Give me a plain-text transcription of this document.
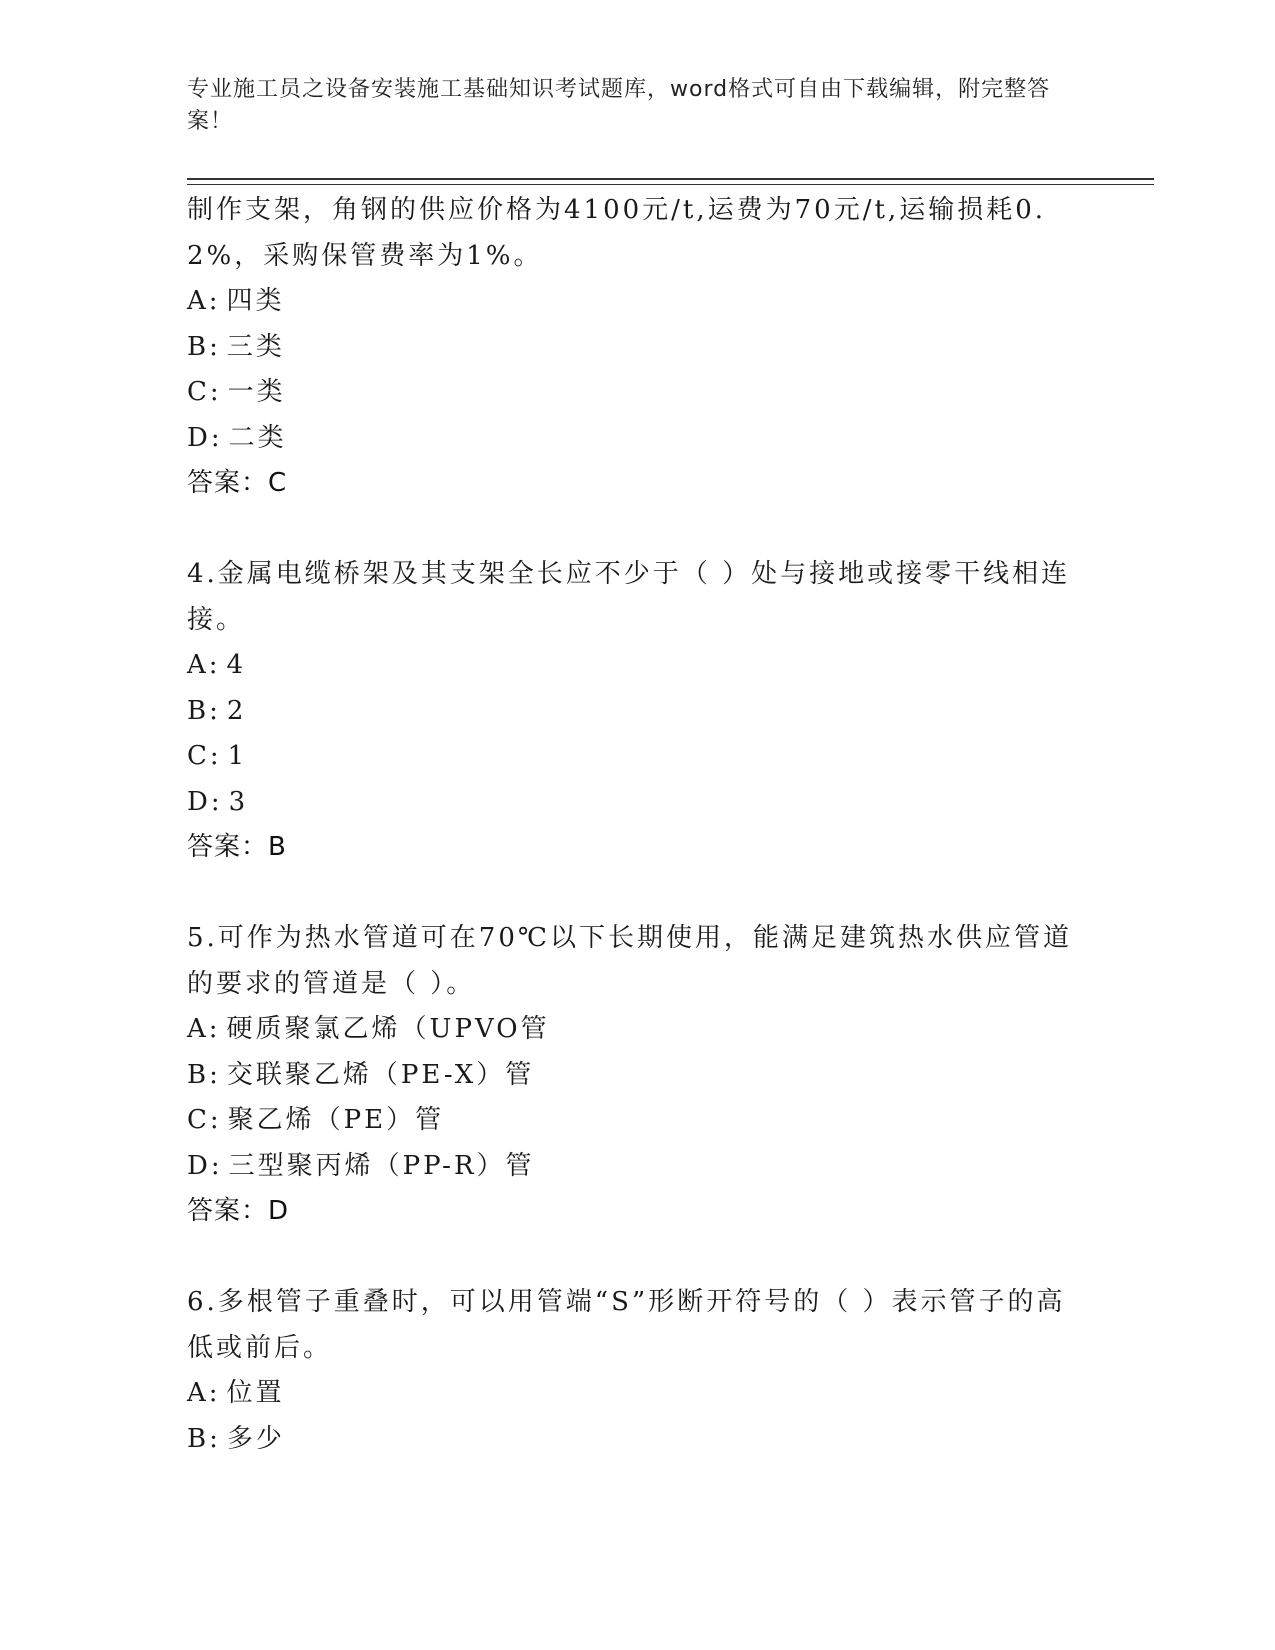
专业施工员之设备安装施工基础知识考试题库，word格式可自由下载编辑，附完整答案！

制作支架，角钢的供应价格为4100元/t,运费为70元/t,运输损耗0.2%，采购保管费率为1%。

A: 四类

B: 三类

C: 一类

D: 二类

答案：C

4.金属电缆桥架及其支架全长应不少于（ ）处与接地或接零干线相连接。

A: 4

B: 2

C: 1

D: 3

答案：B

5.可作为热水管道可在70℃以下长期使用，能满足建筑热水供应管道的要求的管道是（ ）。

A: 硬质聚氯乙烯（UPVO管

B: 交联聚乙烯（PE-X）管

C: 聚乙烯（PE）管

D: 三型聚丙烯（PP-R）管

答案：D

6.多根管子重叠时，可以用管端“S”形断开符号的（ ）表示管子的高低或前后。

A: 位置

B: 多少
